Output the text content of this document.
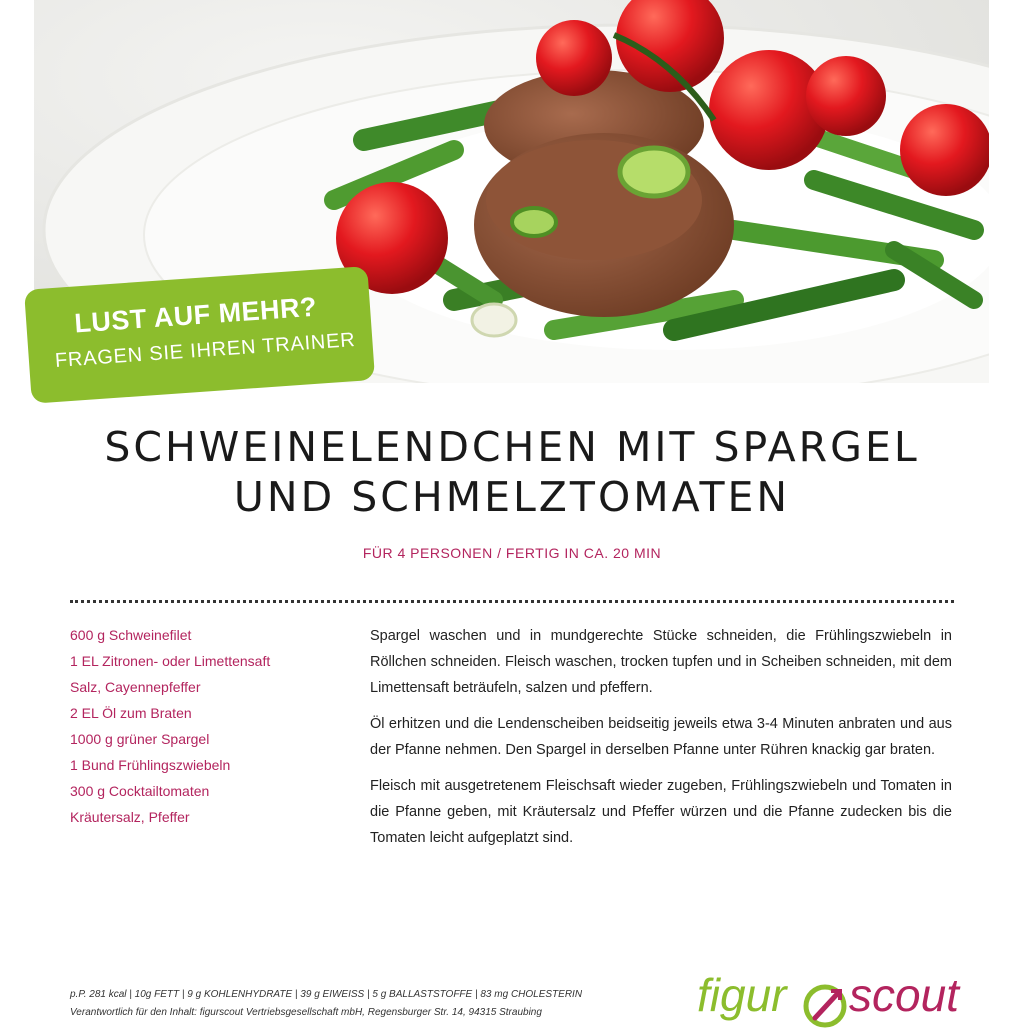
LUST AUF MEHR?
FRAGEN SIE IHREN TRAINER
SCHWEINELENDCHEN MIT SPARGEL
UND SCHMELZTOMATEN
FÜR 4 PERSONEN / FERTIG IN CA. 20 MIN
600 g Schweinefilet
1 EL Zitronen- oder Limettensaft
Salz, Cayennepfeffer
2 EL Öl zum Braten
1000 g grüner Spargel
1 Bund Frühlingszwiebeln
300 g Cocktailtomaten
Kräutersalz, Pfeffer

Spargel waschen und in mundgerechte Stücke schneiden, die Frühlingszwiebeln in Röllchen schneiden. Fleisch waschen, trocken tupfen und in Scheiben schneiden, mit dem Limettensaft beträufeln, salzen und pfeffern.

Öl erhitzen und die Lendenscheiben beidseitig jeweils etwa 3-4 Minuten anbraten und aus der Pfanne nehmen. Den Spargel in derselben Pfanne unter Rühren knackig gar braten.

Fleisch mit ausgetretenem Fleischsaft wieder zugeben, Frühlingszwiebeln und Tomaten in die Pfanne geben, mit Kräutersalz und Pfeffer würzen und die Pfanne zudecken bis die Tomaten leicht aufgeplatzt sind.

p.P. 281 kcal | 10g FETT | 9 g KOHLENHYDRATE | 39 g EIWEISS | 5 g BALLASTSTOFFE | 83 mg CHOLESTERIN
Verantwortlich für den Inhalt: figurscout Vertriebsgesellschaft mbH, Regensburger Str. 14, 94315 Straubing	figur scout
